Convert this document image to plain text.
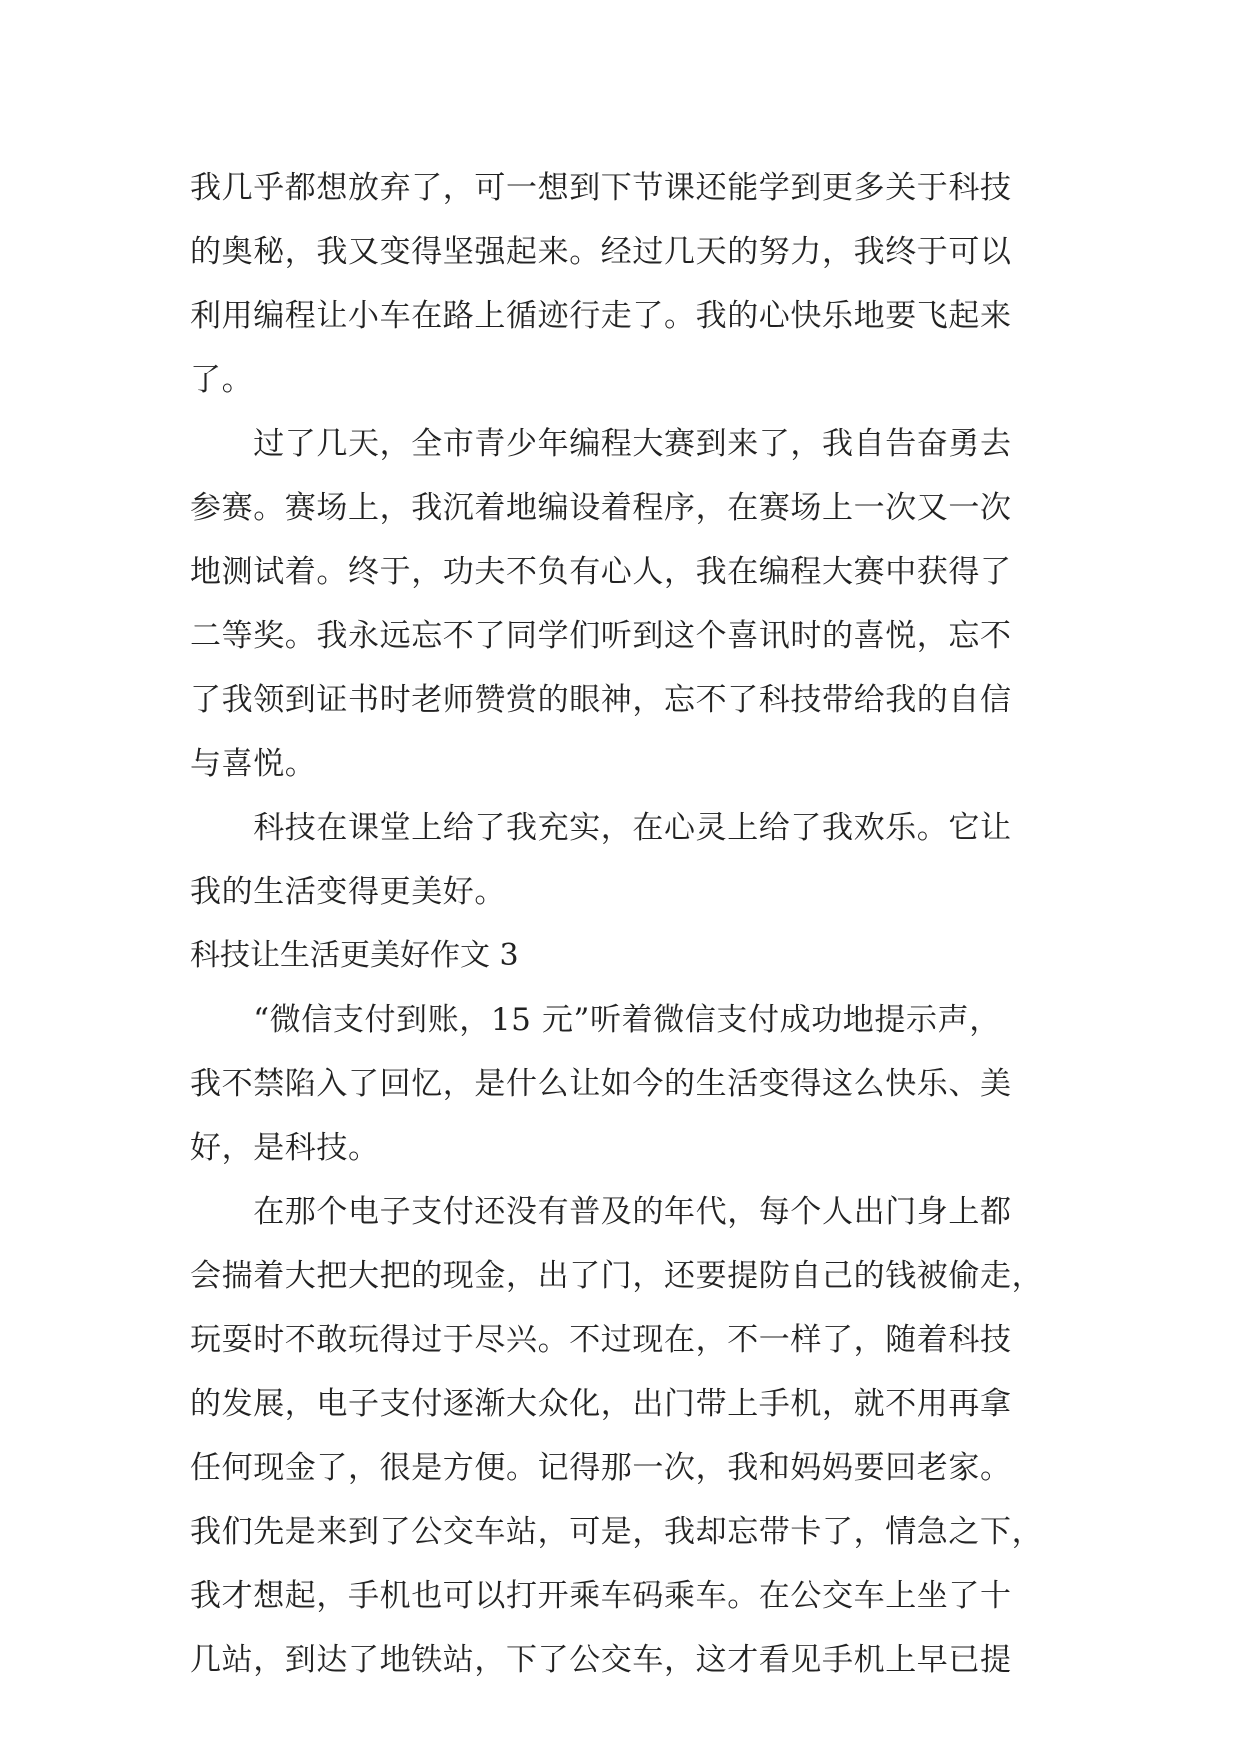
我几乎都想放弃了，可一想到下节课还能学到更多关于科技
的奥秘，我又变得坚强起来。经过几天的努力，我终于可以
利用编程让小车在路上循迹行走了。我的心快乐地要飞起来
了。
　　过了几天，全市青少年编程大赛到来了，我自告奋勇去
参赛。赛场上，我沉着地编设着程序，在赛场上一次又一次
地测试着。终于，功夫不负有心人，我在编程大赛中获得了
二等奖。我永远忘不了同学们听到这个喜讯时的喜悦，忘不
了我领到证书时老师赞赏的眼神，忘不了科技带给我的自信
与喜悦。
　　科技在课堂上给了我充实，在心灵上给了我欢乐。它让
我的生活变得更美好。
科技让生活更美好作文 3
　　“微信支付到账，15 元”听着微信支付成功地提示声，
我不禁陷入了回忆，是什么让如今的生活变得这么快乐、美
好，是科技。
　　在那个电子支付还没有普及的年代，每个人出门身上都
会揣着大把大把的现金，出了门，还要提防自己的钱被偷走，
玩耍时不敢玩得过于尽兴。不过现在，不一样了，随着科技
的发展，电子支付逐渐大众化，出门带上手机，就不用再拿
任何现金了，很是方便。记得那一次，我和妈妈要回老家。
我们先是来到了公交车站，可是，我却忘带卡了，情急之下，
我才想起，手机也可以打开乘车码乘车。在公交车上坐了十
几站，到达了地铁站，下了公交车，这才看见手机上早已提
